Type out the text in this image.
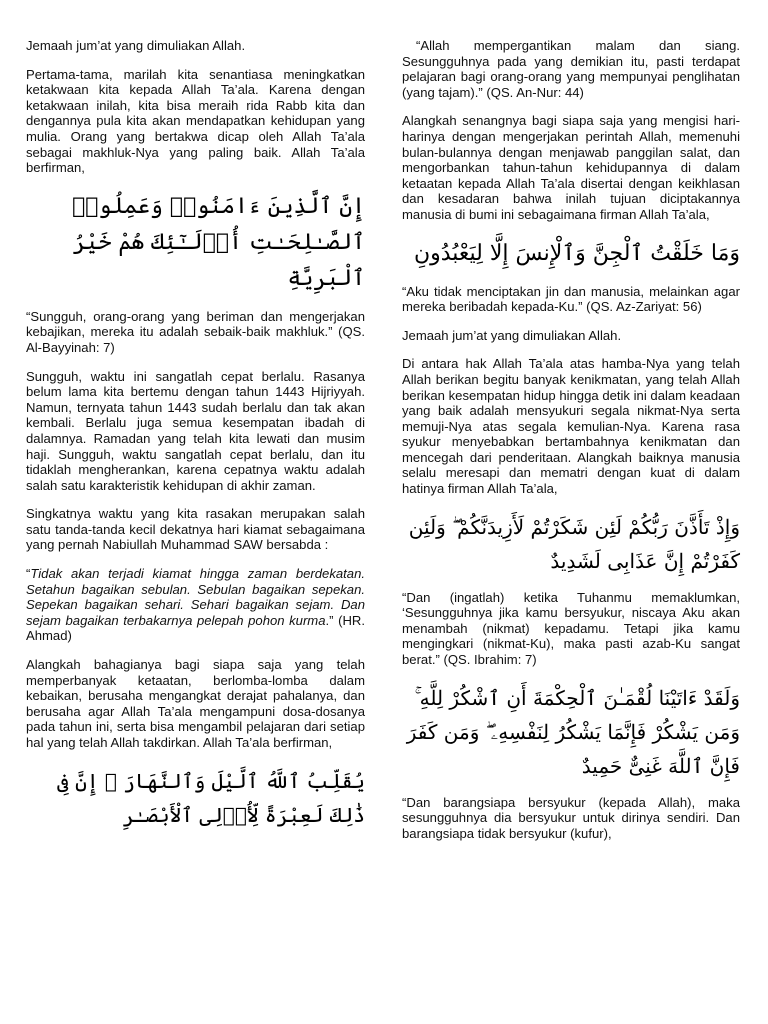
Jemaah jum’at yang dimuliakan Allah.

Pertama-tama, marilah kita senantiasa meningkatkan ketakwaan kita kepada Allah Ta’ala. Karena dengan ketakwaan inilah, kita bisa meraih rida Rabb kita dan dengannya pula kita akan mendapatkan kehidupan yang mulia. Orang yang bertakwa dicap oleh Allah Ta’ala sebagai makhluk-Nya yang paling baik. Allah Ta’ala berfirman,

إِنَّ ٱلَّذِينَ ءَامَنُوا۟ وَعَمِلُوا۟ ٱلصَّـٰلِحَـٰتِ أُو۟لَـٰٓئِكَ هُمْ خَيْرُ ٱلْبَرِيَّةِ

“Sungguh, orang-orang yang beriman dan mengerjakan kebajikan, mereka itu adalah sebaik-baik makhluk.” (QS. Al-Bayyinah: 7)

Sungguh, waktu ini sangatlah cepat berlalu. Rasanya belum lama kita bertemu dengan tahun 1443 Hijriyyah. Namun, ternyata tahun 1443 sudah berlalu dan tak akan kembali. Berlalu juga semua kesempatan ibadah di dalamnya. Ramadan yang telah kita lewati dan musim haji. Sungguh, waktu sangatlah cepat berlalu, dan itu tidaklah mengherankan, karena cepatnya waktu adalah salah satu karakteristik kehidupan di akhir zaman.

Singkatnya waktu yang kita rasakan merupakan salah satu tanda-tanda kecil dekatnya hari kiamat sebagaimana yang pernah Nabiullah Muhammad SAW bersabda :

“Tidak akan terjadi kiamat hingga zaman berdekatan. Setahun bagaikan sebulan. Sebulan bagaikan sepekan. Sepekan bagaikan sehari. Sehari bagaikan sejam. Dan sejam bagaikan terbakarnya pelepah pohon kurma.” (HR. Ahmad)

Alangkah bahagianya bagi siapa saja yang telah memperbanyak ketaatan, berlomba-lomba dalam kebaikan, berusaha mengangkat derajat pahalanya, dan berusaha agar Allah Ta’ala mengampuni dosa-dosanya pada tahun ini, serta bisa mengambil pelajaran dari setiap hal yang telah Allah takdirkan. Allah Ta’ala berfirman,

يُقَلِّبُ ٱللَّهُ ٱلَّيْلَ وَٱلنَّهَارَ ۚ إِنَّ فِى ذَٰلِكَ لَعِبْرَةً لِّأُو۟لِى ٱلْأَبْصَـٰرِ

“Allah mempergantikan malam dan siang. Sesungguhnya pada yang demikian itu, pasti terdapat pelajaran bagi orang-orang yang mempunyai penglihatan (yang tajam).” (QS. An-Nur: 44)

Alangkah senangnya bagi siapa saja yang mengisi hari-harinya dengan mengerjakan perintah Allah, memenuhi bulan-bulannya dengan menjawab panggilan salat, dan mengorbankan tahun-tahun kehidupannya di dalam ketaatan kepada Allah Ta’ala disertai dengan keikhlasan dan kesadaran bahwa inilah tujuan diciptakannya manusia di bumi ini sebagaimana firman Allah Ta’ala,

وَمَا خَلَقْتُ ٱلْجِنَّ وَٱلْإِنسَ إِلَّا لِيَعْبُدُونِ

“Aku tidak menciptakan jin dan manusia, melainkan agar mereka beribadah kepada-Ku.” (QS. Az-Zariyat: 56)

Jemaah jum’at yang dimuliakan Allah.

Di antara hak Allah Ta’ala atas hamba-Nya yang telah Allah berikan begitu banyak kenikmatan, yang telah Allah berikan kesempatan hidup hingga detik ini dalam keadaan yang baik adalah mensyukuri segala nikmat-Nya serta memuji-Nya atas segala kemulian-Nya. Karena rasa syukur menyebabkan bertambahnya kenikmatan dan mencegah dari penderitaan. Alangkah baiknya manusia selalu meresapi dan mematri dengan kuat di dalam hatinya firman Allah Ta’ala,

وَإِذْ تَأَذَّنَ رَبُّكُمْ لَئِن شَكَرْتُمْ لَأَزِيدَنَّكُمْ ۖ وَلَئِن كَفَرْتُمْ إِنَّ عَذَابِى لَشَدِيدٌ

“Dan (ingatlah) ketika Tuhanmu memaklumkan, ‘Sesungguhnya jika kamu bersyukur, niscaya Aku akan menambah (nikmat) kepadamu. Tetapi jika kamu mengingkari (nikmat-Ku), maka pasti azab-Ku sangat berat.” (QS. Ibrahim: 7)

وَلَقَدْ ءَاتَيْنَا لُقْمَـٰنَ ٱلْحِكْمَةَ أَنِ ٱشْكُرْ لِلَّهِ ۚ وَمَن يَشْكُرْ فَإِنَّمَا يَشْكُرُ لِنَفْسِهِۦ ۖ وَمَن كَفَرَ فَإِنَّ ٱللَّهَ غَنِىٌّ حَمِيدٌ

“Dan barangsiapa bersyukur (kepada Allah), maka sesungguhnya dia bersyukur untuk dirinya sendiri. Dan barangsiapa tidak bersyukur (kufur),
